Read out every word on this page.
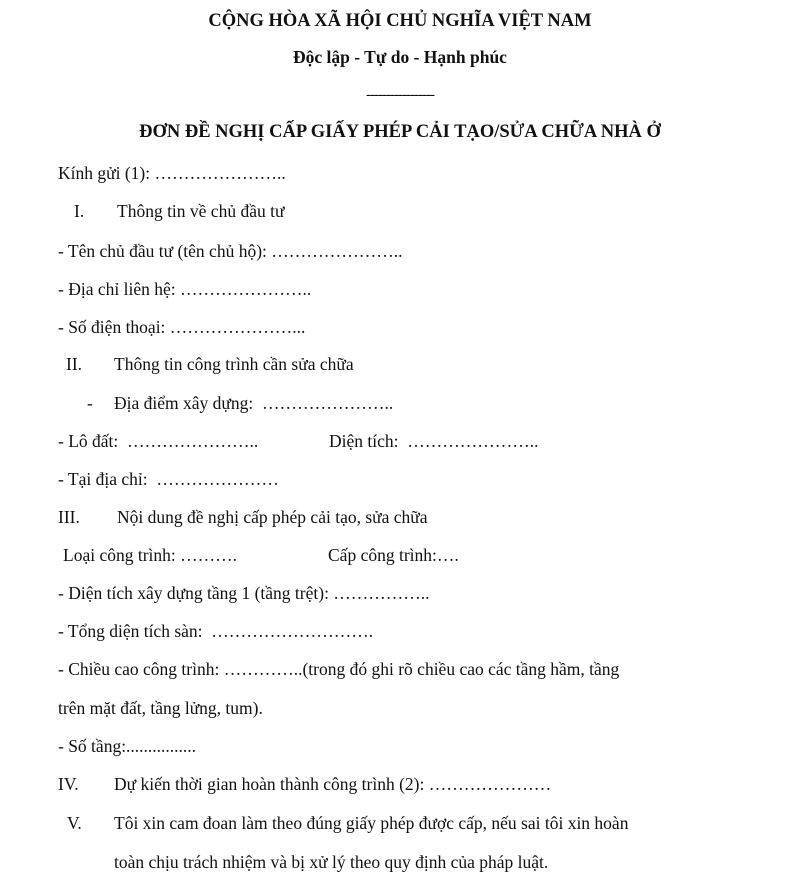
CỘNG HÒA XÃ HỘI CHỦ NGHĨA VIỆT NAM
Độc lập - Tự do - Hạnh phúc
-----------------
ĐƠN ĐỀ NGHỊ CẤP GIẤY PHÉP CẢI TẠO/SỬA CHỮA NHÀ Ở
Kính gửi (1): …………………..
I. Thông tin về chủ đầu tư
- Tên chủ đầu tư (tên chủ hộ): …………………..
- Địa chỉ liên hệ: …………………..
- Số điện thoại: …………………...
II. Thông tin công trình cần sửa chữa
- Địa điểm xây dựng:  …………………..
- Lô đất:  …………………..	Diện tích:  …………………..
- Tại địa chỉ:  …………………
III. Nội dung đề nghị cấp phép cải tạo, sửa chữa
Loại công trình: ……….	Cấp công trình:….
- Diện tích xây dựng tầng 1 (tầng trệt): ……………..
- Tổng diện tích sàn:  ……………………….
- Chiều cao công trình: …………..(trong đó ghi rõ chiều cao các tầng hầm, tầng
trên mặt đất, tầng lửng, tum).
- Số tầng:................
IV. Dự kiến thời gian hoàn thành công trình (2): …………………
V. Tôi xin cam đoan làm theo đúng giấy phép được cấp, nếu sai tôi xin hoàn
toàn chịu trách nhiệm và bị xử lý theo quy định của pháp luật.
